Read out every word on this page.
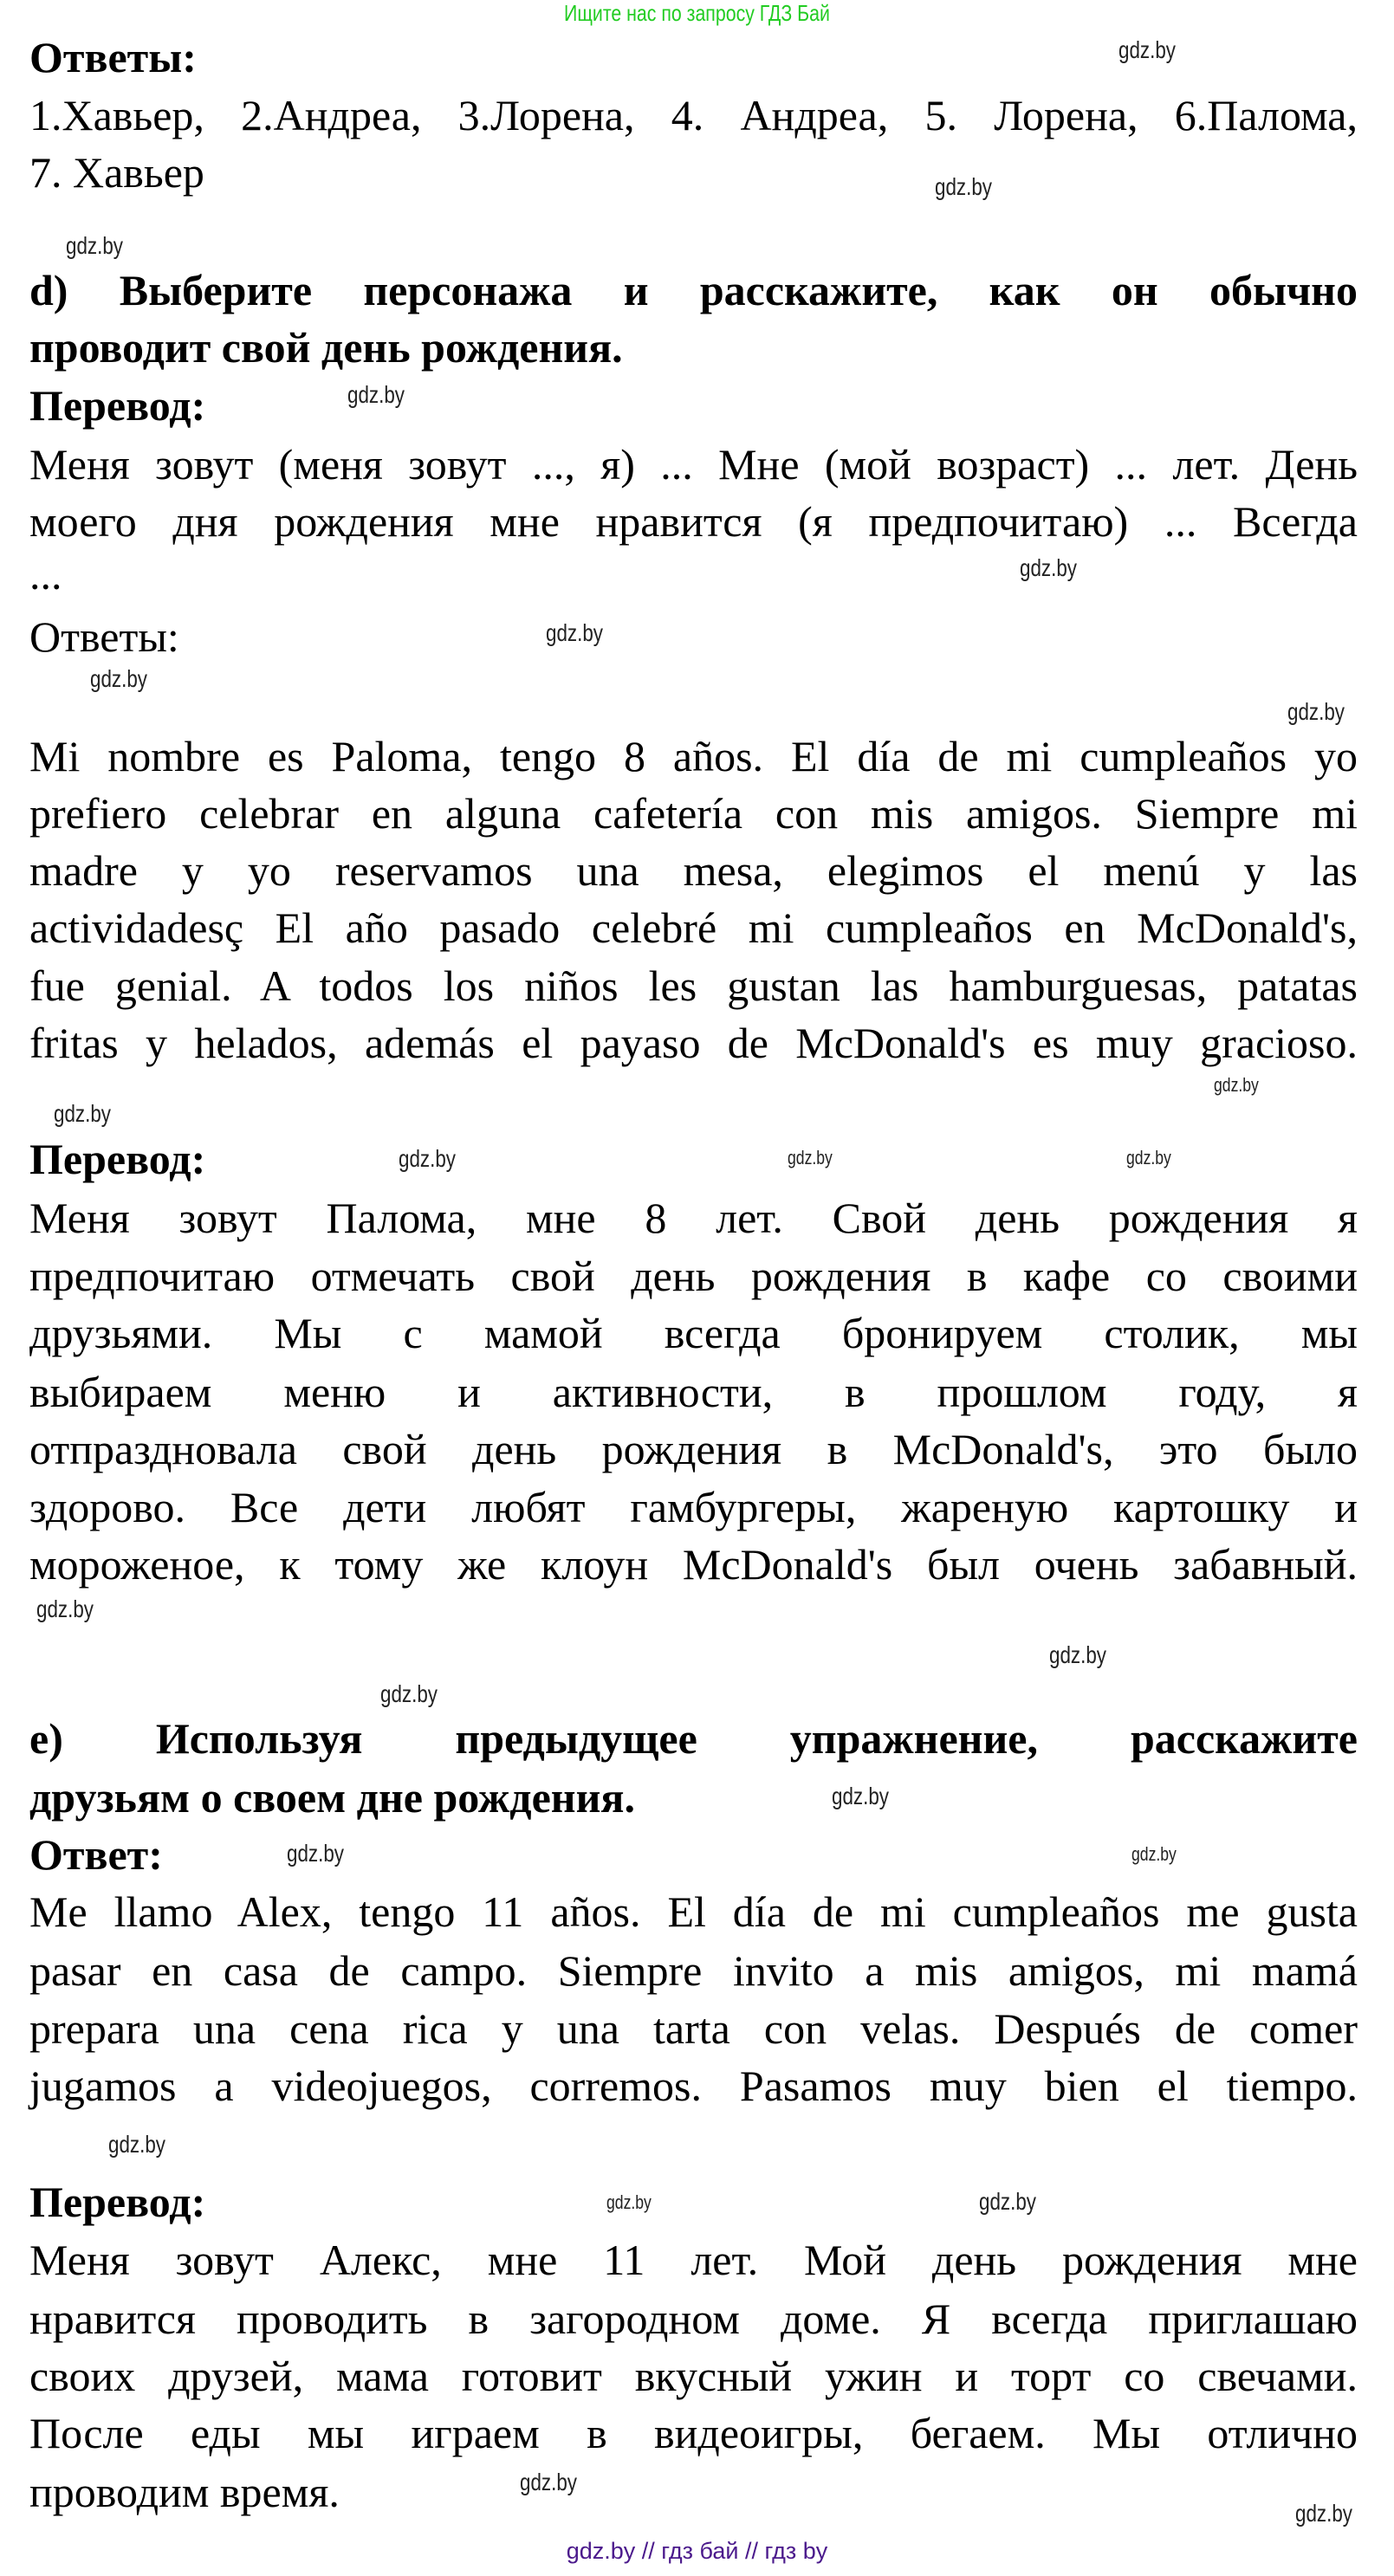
Ищите нас по запросу ГДЗ Бай
Ответы:
1.Хавьер, 2.Андреа, 3.Лорена, 4. Андреа, 5. Лорена, 6.Палома,
7. Хавьер
d) Выберите персонажа и расскажите, как он обычно
проводит свой день рождения.
Перевод:
Меня зовут (меня зовут ..., я) ... Мне (мой возраст) ... лет. День
моего дня рождения мне нравится (я предпочитаю) ... Всегда
...
Ответы:
Mi nombre es Paloma, tengo 8 años. El día de mi cumpleaños yo
prefiero celebrar en alguna cafetería con mis amigos. Siempre mi
madre y yo reservamos una mesa, elegimos el menú y las
actividadesç El año pasado celebré mi cumpleaños en McDonald's,
fue genial. A todos los niños les gustan las hamburguesas, patatas
fritas y helados, además el payaso de McDonald's es muy gracioso.
Перевод:
Меня зовут Палома, мне 8 лет. Свой день рождения я
предпочитаю отмечать свой день рождения в кафе со своими
друзьями. Мы с мамой всегда бронируем столик, мы
выбираем меню и активности, в прошлом году, я
отпраздновала свой день рождения в McDonald's, это было
здорово. Все дети любят гамбургеры, жареную картошку и
мороженое, к тому же клоун McDonald's был очень забавный.
e) Используя предыдущее упражнение, расскажите
друзьям о своем дне рождения.
Ответ:
Me llamo Alex, tengo 11 años. El día de mi cumpleaños me gusta
pasar en casa de campo. Siempre invito a mis amigos, mi mamá
prepara una cena rica y una tarta con velas. Después de comer
jugamos a videojuegos, corremos. Pasamos muy bien el tiempo.
Перевод:
Меня зовут Алекс, мне 11 лет. Мой день рождения мне
нравится проводить в загородном доме. Я всегда приглашаю
своих друзей, мама готовит вкусный ужин и торт со свечами.
После еды мы играем в видеоигры, бегаем. Мы отлично
проводим время.
gdz.by
gdz.by
gdz.by
gdz.by
gdz.by
gdz.by
gdz.by
gdz.by
gdz.by
gdz.by
gdz.by	gdz.by	gdz.by
gdz.by
gdz.by
gdz.by
gdz.by
gdz.by	gdz.by
gdz.by
gdz.by
gdz.by
gdz.by
gdz.by
gdz.by // гдз бай // гдз by
